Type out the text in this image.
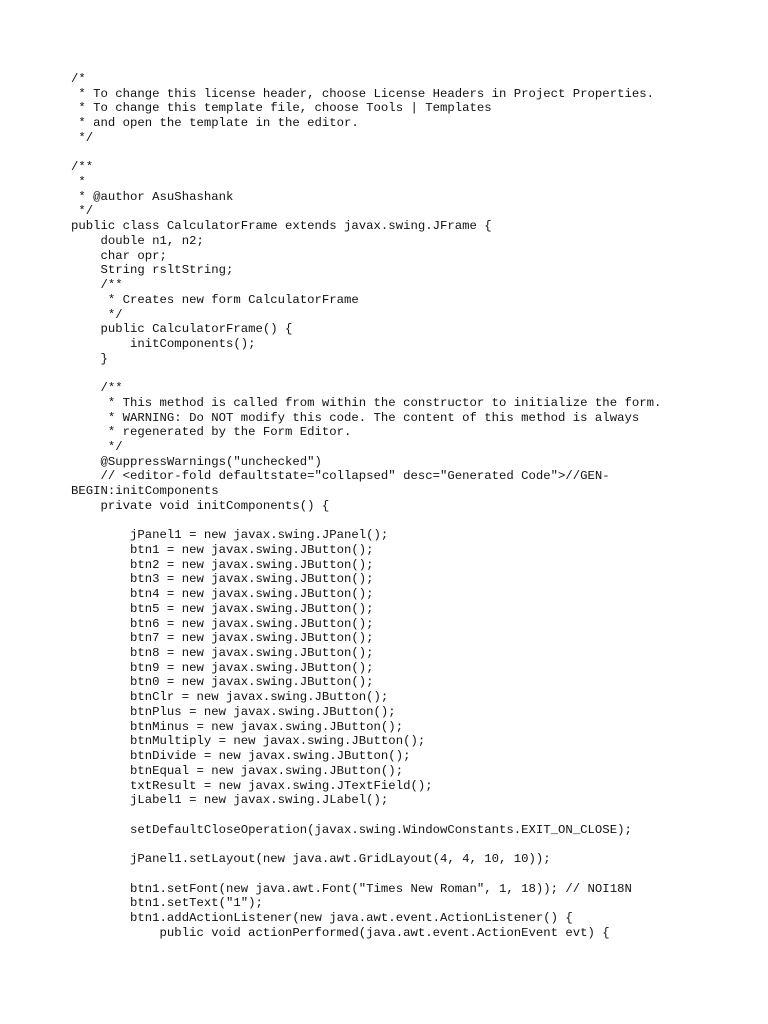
/*
* To change this license header, choose License Headers in Project Properties.
* To change this template file, choose Tools | Templates
* and open the template in the editor.
*/
/**
*
* @author AsuShashank
*/
public class CalculatorFrame extends javax.swing.JFrame {
double n1, n2;
char opr;
String rsltString;
/**
* Creates new form CalculatorFrame
*/
public CalculatorFrame() {
initComponents();
}
/**
* This method is called from within the constructor to initialize the form.
* WARNING: Do NOT modify this code. The content of this method is always
* regenerated by the Form Editor.
*/
@SuppressWarnings("unchecked")
// <editor-fold defaultstate="collapsed" desc="Generated Code">//GEN-
BEGIN:initComponents
private void initComponents() {
jPanel1 = new javax.swing.JPanel();
btn1 = new javax.swing.JButton();
btn2 = new javax.swing.JButton();
btn3 = new javax.swing.JButton();
btn4 = new javax.swing.JButton();
btn5 = new javax.swing.JButton();
btn6 = new javax.swing.JButton();
btn7 = new javax.swing.JButton();
btn8 = new javax.swing.JButton();
btn9 = new javax.swing.JButton();
btn0 = new javax.swing.JButton();
btnClr = new javax.swing.JButton();
btnPlus = new javax.swing.JButton();
btnMinus = new javax.swing.JButton();
btnMultiply = new javax.swing.JButton();
btnDivide = new javax.swing.JButton();
btnEqual = new javax.swing.JButton();
txtResult = new javax.swing.JTextField();
jLabel1 = new javax.swing.JLabel();
setDefaultCloseOperation(javax.swing.WindowConstants.EXIT_ON_CLOSE);
jPanel1.setLayout(new java.awt.GridLayout(4, 4, 10, 10));
btn1.setFont(new java.awt.Font("Times New Roman", 1, 18)); // NOI18N
btn1.setText("1");
btn1.addActionListener(new java.awt.event.ActionListener() {
public void actionPerformed(java.awt.event.ActionEvent evt) {
